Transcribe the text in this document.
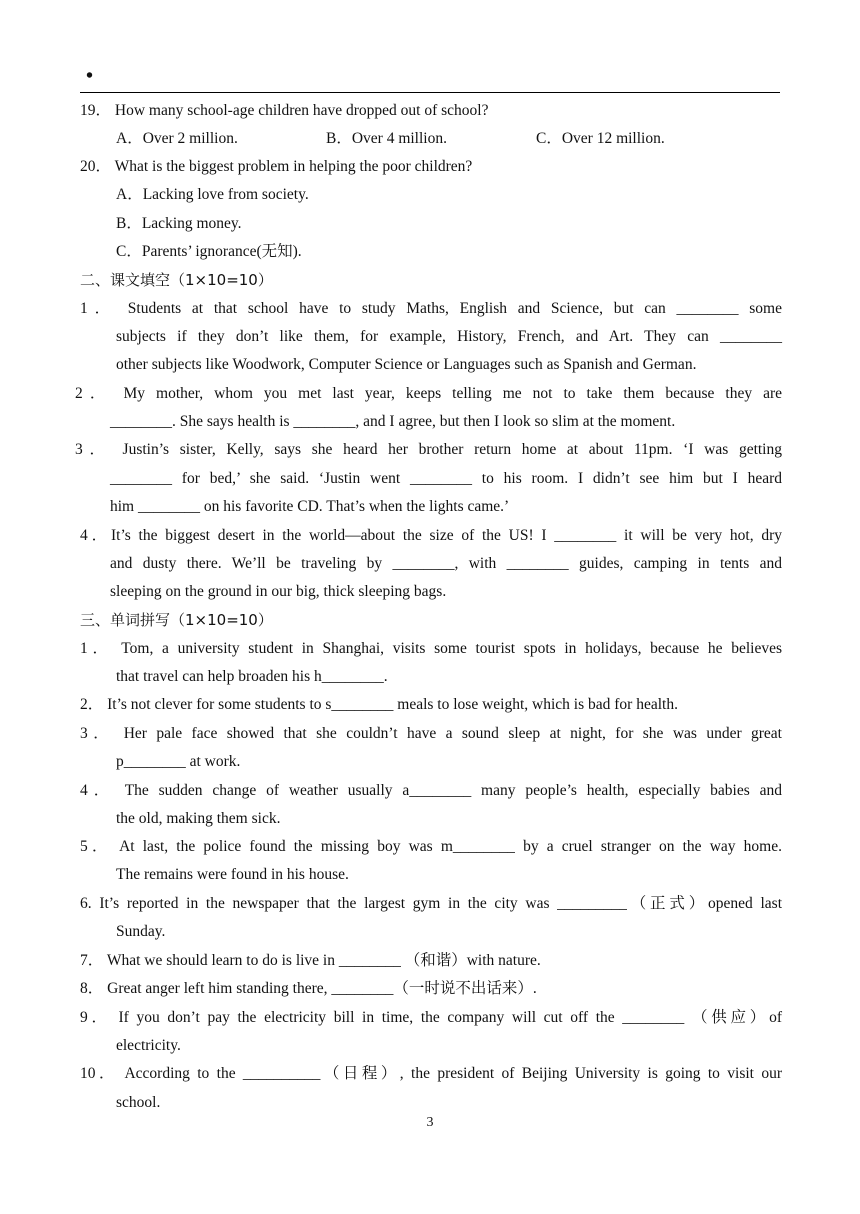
•
19． How many school-age children have dropped out of school?
A．Over 2 million.	B．Over 4 million.	C．Over 12 million.
20． What is the biggest problem in helping the poor children?
A．Lacking love from society.
B．Lacking money.
C．Parents’ ignorance(无知).
二、课文填空（1×10=10）
1． Students at that school have to study Maths, English and Science, but can ________ some
subjects if they don’t like them, for example, History, French, and Art. They can ________
other subjects like Woodwork, Computer Science or Languages such as Spanish and German.
2． My mother, whom you met last year, keeps telling me not to take them because they are
________. She says health is ________, and I agree, but then I look so slim at the moment.
3． Justin’s sister, Kelly, says she heard her brother return home at about 11pm. ‘I was getting
________ for bed,’ she said. ‘Justin went ________ to his room. I didn’t see him but I heard
him ________ on his favorite CD. That’s when the lights came.’
4．It’s the biggest desert in the world—about the size of the US! I ________ it will be very hot, dry
and dusty there. We’ll be traveling by ________, with ________ guides, camping in tents and
sleeping on the ground in our big, thick sleeping bags.
三、单词拼写（1×10=10）
1． Tom, a university student in Shanghai, visits some tourist spots in holidays, because he believes
that travel can help broaden his h________.
2． It’s not clever for some students to s________ meals to lose weight, which is bad for health.
3． Her pale face showed that she couldn’t have a sound sleep at night, for she was under great
p________ at work.
4． The sudden change of weather usually a________ many people’s health, especially babies and
the old, making them sick.
5． At last, the police found the missing boy was m________ by a cruel stranger on the way home.
The remains were found in his house.
6. It’s reported in the newspaper that the largest gym in the city was _________（正式）opened last
Sunday.
7． What we should learn to do is live in ________ （和谐）with nature.
8． Great anger left him standing there, ________（一时说不出话来）.
9． If you don’t pay the electricity bill in time, the company will cut off the ________ （供应）of
electricity.
10． According to the __________（日程）, the president of Beijing University is going to visit our
school.
3
